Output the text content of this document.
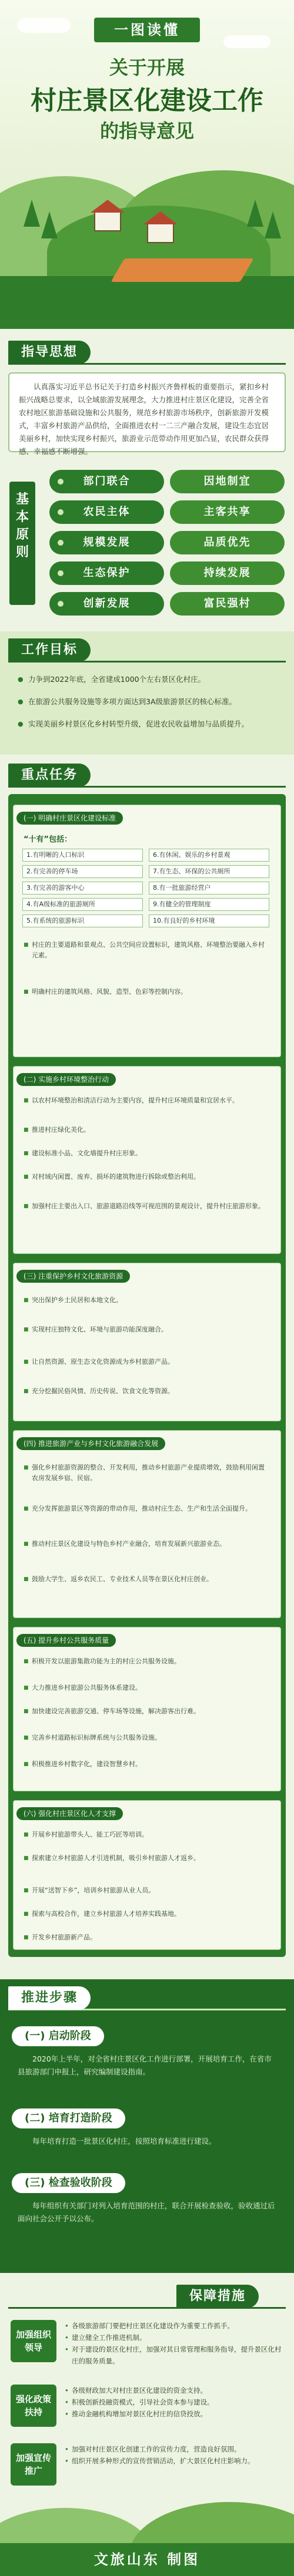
一图读懂
关于开展
村庄景区化建设工作
的指导意见
指导思想

认真落实习近平总书记关于打造乡村振兴齐鲁样板的重要指示，紧扣乡村振兴战略总要求，以全域旅游发展理念，大力推进村庄景区化建设，完善全省农村地区旅游基础设施和公共服务，规范乡村旅游市场秩序，创新旅游开发模式，丰富乡村旅游产品供给，全面推进农村一二三产融合发展，建设生态宜居美丽乡村，加快实现乡村振兴，旅游业示范带动作用更加凸显，农民群众获得感、幸福感不断增强。

基本原则
部门联合	因地制宜
农民主体	主客共享
规模发展	品质优先
生态保护	持续发展
创新发展	富民强村
工作目标
● 力争到2022年底，全省建成1000个左右景区化村庄。
● 在旅游公共服务设施等多项方面达到3A级旅游景区的核心标准。
● 实现美丽乡村景区化乡村转型升级，促进农民收益增加与品质提升。
重点任务
(一) 明确村庄景区化建设标准
“十有”包括：
1.有明晰的人口标识	6.有休闲、娱乐的乡村景观
2.有完善的停车场	7.有生态、环保的公共厕所
3.有完善的游客中心	8.有一批旅游经营户
4.有A级标准的旅游厕所	9.有健全的管理制度
5.有系统的旅游标识	10.有良好的乡村环境
■ 村庄的主要道路和景观点、公共空间应设置标识，建筑风格、环境整治要融入乡村元素。
■ 明确村庄的建筑风格、风貌、造型、色彩等控制内容。
(二) 实施乡村环境整治行动
■ 以农村环境整治和清洁行动为主要内容，提升村庄环境质量和宜居水平。
■ 推进村庄绿化美化。
■ 建设标准小品、文化墙提升村庄形象。
■ 对村域内闲置、废弃、损坏的建筑物进行拆除或整治利用。
■ 加强村庄主要出入口、旅游道路沿线等可视范围的景观设计，提升村庄旅游形象。
(三) 注重保护乡村文化旅游资源
■ 突出保护乡土民居和本地文化。
■ 实现村庄独特文化、环境与旅游功能深度融合。
■ 让自然资源、原生态文化资源成为乡村旅游产品。
■ 充分挖掘民俗风情、历史传说、饮食文化等资源。
(四) 推进旅游产业与乡村文化旅游融合发展
■ 强化乡村旅游资源的整合、开发利用，推动乡村旅游产业提质增效，鼓励利用闲置农房发展乡宿、民宿。
■ 充分发挥旅游景区等资源的带动作用，推动村庄生态、生产和生活全面提升。
■ 推动村庄景区化建设与特色乡村产业融合，培育发展新兴旅游业态。
■ 鼓励大学生、返乡农民工、专业技术人员等在景区化村庄创业。
(五) 提升乡村公共服务质量
■ 积极开发以旅游集散功能为主的村庄公共服务设施。
■ 大力推进乡村旅游公共服务体系建设。
■ 加快建设完善旅游交通、停车场等设施，解决游客出行难。
■ 完善乡村道路标识标牌系统与公共服务设施。
■ 积极推进乡村数字化，建设智慧乡村。
(六) 强化村庄景区化人才支撑
■ 开展乡村旅游带头人、能工巧匠等培训。
■ 探索建立乡村旅游人才引进机制，吸引乡村旅游人才返乡。
■ 开展“送智下乡”，培训乡村旅游从业人员。
■ 探索与高校合作，建立乡村旅游人才培养实践基地。
■ 开发乡村旅游新产品。
推进步骤
(一) 启动阶段
2020年上半年，对全省村庄景区化工作进行部署，开展培育工作，在省市县旅游部门申报上，研究编制建设指南。
(二) 培育打造阶段
每年培育打造一批景区化村庄，按照培育标准进行建设。
(三) 检查验收阶段
每年组织有关部门对列入培育范围的村庄，联合开展检查验收，验收通过后面向社会公开予以公布。
保障措施
加强组织领导
• 各级旅游部门要把村庄景区化建设作为重要工作抓手。
• 建立健全工作推进机制。
• 对于建设的景区化村庄，加强对其日常管理和服务指导，提升景区化村庄的服务质量。
强化政策扶持
• 各级财政加大对村庄景区化建设的资金支持。
• 积极创新投融资模式，引导社会资本参与建设。
• 推动金融机构增加对景区化村庄的信贷投放。
加强宣传推广
• 加强对村庄景区化创建工作的宣传力度，营造良好氛围。
• 组织开展多种形式的宣传营销活动，扩大景区化村庄影响力。
文旅山东 制图
